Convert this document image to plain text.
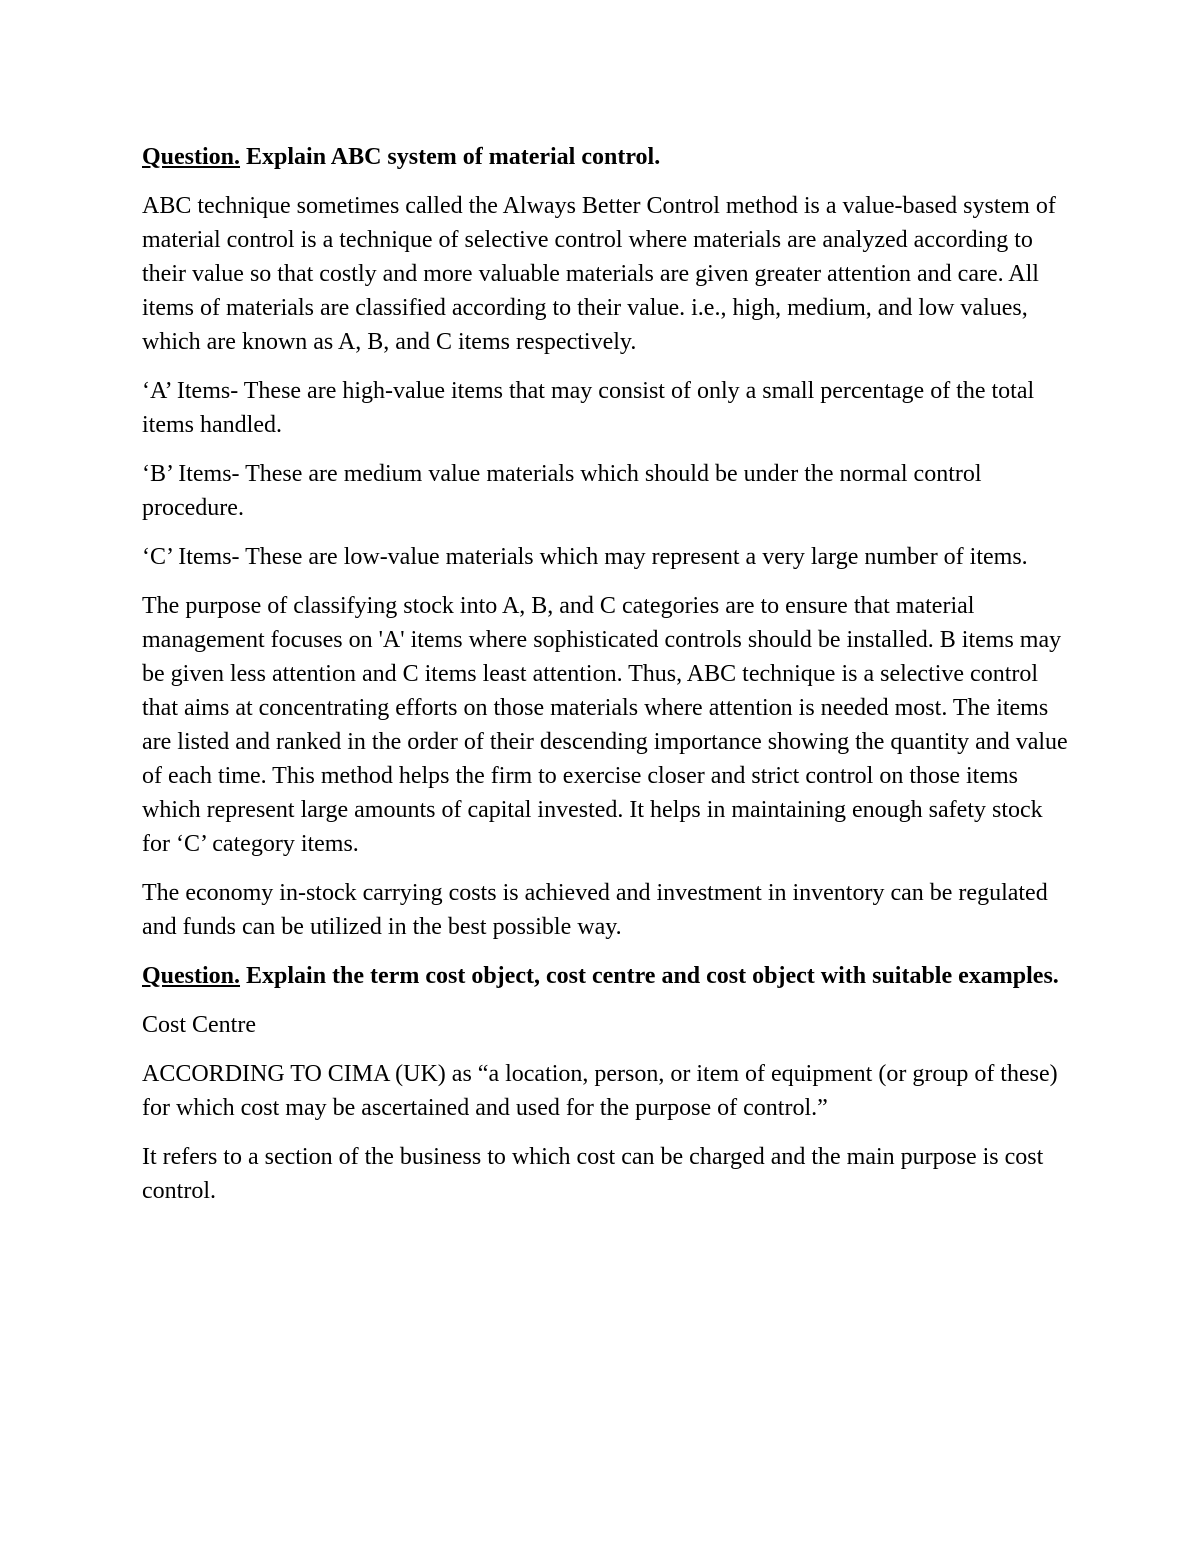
Question. Explain ABC system of material control.

ABC technique sometimes called the Always Better Control method is a value-based system of material control is a technique of selective control where materials are analyzed according to their value so that costly and more valuable materials are given greater attention and care. All items of materials are classified according to their value. i.e., high, medium, and low values, which are known as A, B, and C items respectively.

‘A’ Items- These are high-value items that may consist of only a small percentage of the total items handled.

‘B’ Items- These are medium value materials which should be under the normal control procedure.

‘C’ Items- These are low-value materials which may represent a very large number of items.

The purpose of classifying stock into A, B, and C categories are to ensure that material management focuses on 'A' items where sophisticated controls should be installed. B items may be given less attention and C items least attention. Thus, ABC technique is a selective control that aims at concentrating efforts on those materials where attention is needed most. The items are listed and ranked in the order of their descending importance showing the quantity and value of each time. This method helps the firm to exercise closer and strict control on those items which represent large amounts of capital invested. It helps in maintaining enough safety stock for ‘C’ category items.

The economy in-stock carrying costs is achieved and investment in inventory can be regulated and funds can be utilized in the best possible way.

Question. Explain the term cost object, cost centre and cost object with suitable examples.

Cost Centre

ACCORDING TO CIMA (UK) as “a location, person, or item of equipment (or group of these) for which cost may be ascertained and used for the purpose of control.”

It refers to a section of the business to which cost can be charged and the main purpose is cost control.
